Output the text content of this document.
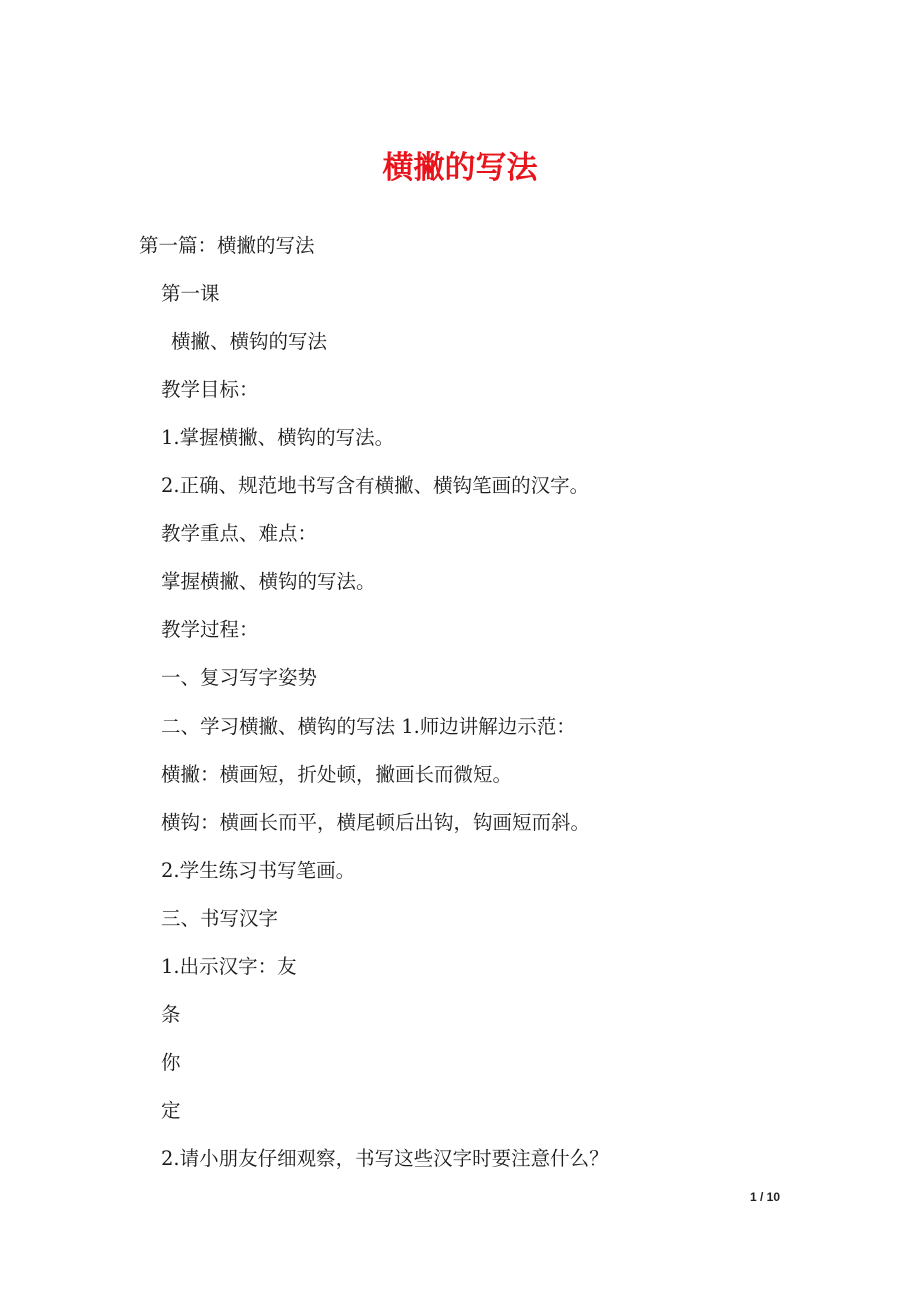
横撇的写法
第一篇：横撇的写法
第一课
横撇、横钩的写法
教学目标：
1.掌握横撇、横钩的写法。
2.正确、规范地书写含有横撇、横钩笔画的汉字。
教学重点、难点：
掌握横撇、横钩的写法。
教学过程：
一、复习写字姿势
二、学习横撇、横钩的写法 1.师边讲解边示范：
横撇：横画短，折处顿，撇画长而微短。
横钩：横画长而平，横尾顿后出钩，钩画短而斜。
2.学生练习书写笔画。
三、书写汉字
1.出示汉字：友
条
你
定
2.请小朋友仔细观察，书写这些汉字时要注意什么？
1 / 10
